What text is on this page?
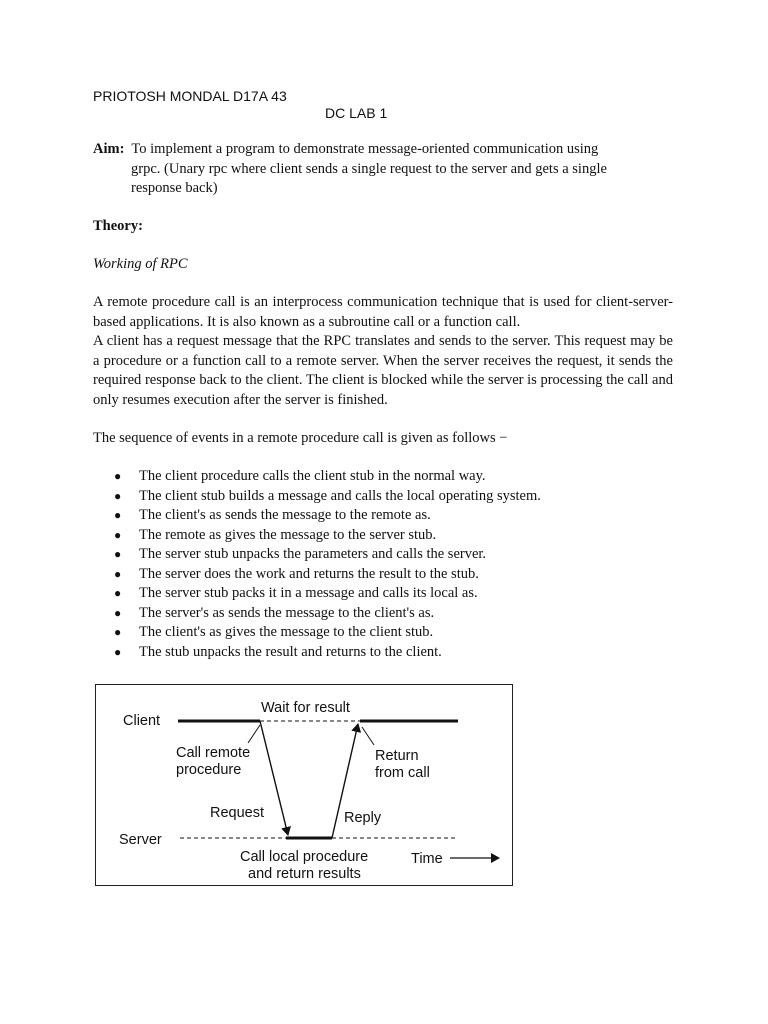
PRIOTOSH MONDAL D17A 43
DC LAB 1
Aim: To implement a program to demonstrate message-oriented communication using
grpc. (Unary rpc where client sends a single request to the server and gets a single
response back)
Theory:
Working of RPC

A remote procedure call is an interprocess communication technique that is used for client-server-based applications. It is also known as a subroutine call or a function call.

A client has a request message that the RPC translates and sends to the server. This request may be a procedure or a function call to a remote server. When the server receives the request, it sends the required response back to the client. The client is blocked while the server is processing the call and only resumes execution after the server is finished.

The sequence of events in a remote procedure call is given as follows −
● The client procedure calls the client stub in the normal way.
● The client stub builds a message and calls the local operating system.
● The client's as sends the message to the remote as.
● The remote as gives the message to the server stub.
● The server stub unpacks the parameters and calls the server.
● The server does the work and returns the result to the stub.
● The server stub packs it in a message and calls its local as.
● The server's as sends the message to the client's as.
● The client's as gives the message to the client stub.
● The stub unpacks the result and returns to the client.
Client
Server
Wait for result
Call remote
procedure
Return
from call
Request	Reply
Call local procedure
and return results
Time
